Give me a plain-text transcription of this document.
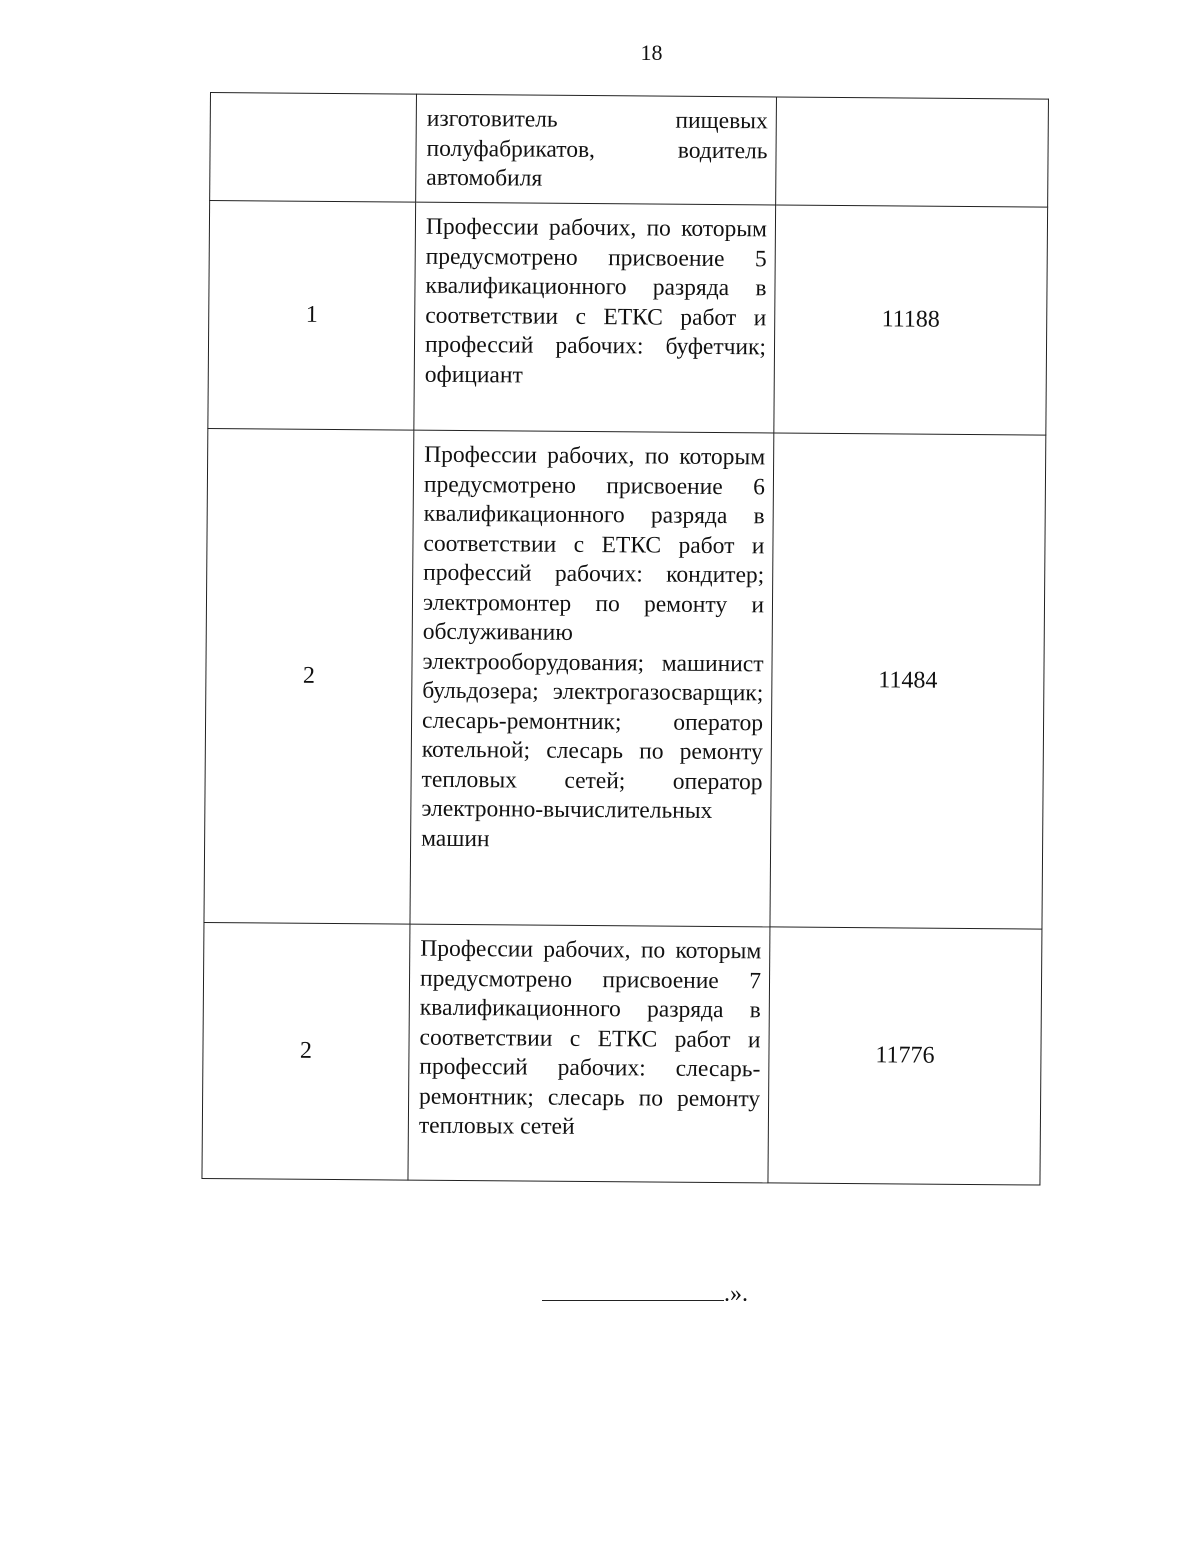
18
	изготовитель пищевых полуфабрикатов, водитель автомобиля	
1	Профессии рабочих, по которым предусмотрено присвоение 5 квалификационного разряда в соответствии с ЕТКС работ и профессий рабочих: буфетчик; официант	11188
2	Профессии рабочих, по которым предусмотрено присвоение 6 квалификационного разряда в соответствии с ЕТКС работ и профессий рабочих: кондитер; электромонтер по ремонту и обслуживанию электрооборудования; машинист бульдозера; электрогазосварщик; слесарь-ремонтник; оператор котельной; слесарь по ремонту тепловых сетей; оператор электронно-вычислительных машин	11484
2	Профессии рабочих, по которым предусмотрено присвоение 7 квалификационного разряда в соответствии с ЕТКС работ и профессий рабочих: слесарь-ремонтник; слесарь по ремонту тепловых сетей	11776
.».
